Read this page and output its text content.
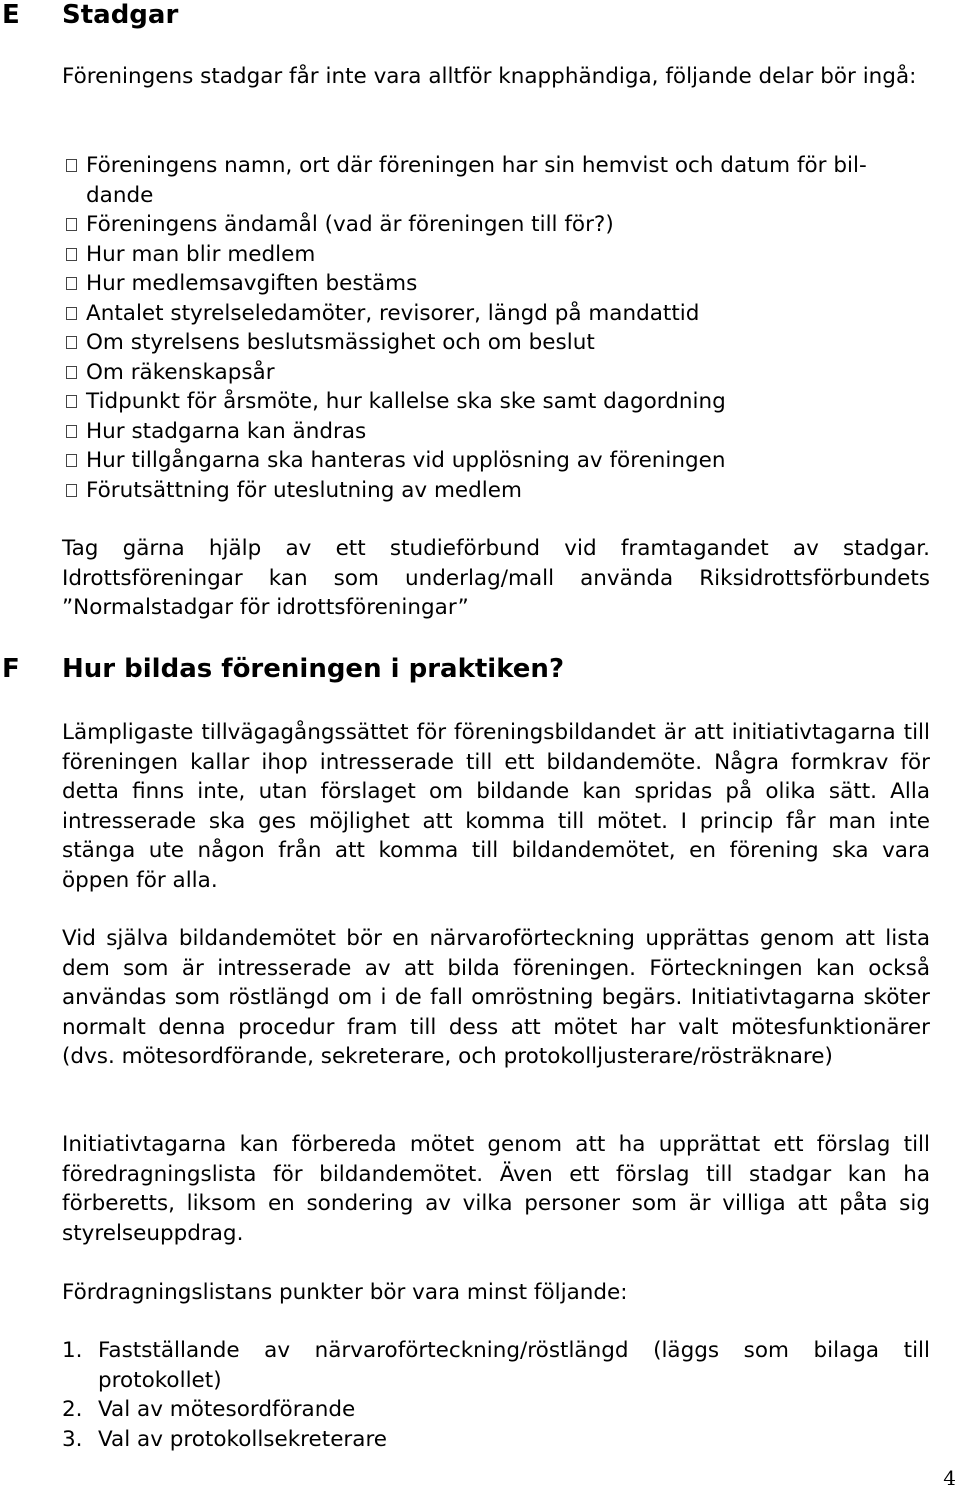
E Stadgar
Föreningens stadgar får inte vara alltför knapphändiga, följande delar bör ingå:
Föreningens namn, ort där föreningen har sin hemvist och datum för bil-dande
Föreningens ändamål (vad är föreningen till för?)
Hur man blir medlem
Hur medlemsavgiften bestäms
Antalet styrelseledamöter, revisorer, längd på mandattid
Om styrelsens beslutsmässighet och om beslut
Om räkenskapsår
Tidpunkt för årsmöte, hur kallelse ska ske samt dagordning
Hur stadgarna kan ändras
Hur tillgångarna ska hanteras vid upplösning av föreningen
Förutsättning för uteslutning av medlem
Tag gärna hjälp av ett studieförbund vid framtagandet av stadgar. Idrottsföreningar kan som underlag/mall använda Riksidrottsförbundets ”Normalstadgar för idrottsföreningar”
F Hur bildas föreningen i praktiken?
Lämpligaste tillvägagångssättet för föreningsbildandet är att initiativtagarna till föreningen kallar ihop intresserade till ett bildandemöte. Några formkrav för detta finns inte, utan förslaget om bildande kan spridas på olika sätt. Alla intresserade ska ges möjlighet att komma till mötet. I princip får man inte stänga ute någon från att komma till bildandemötet, en förening ska vara öppen för alla.
Vid själva bildandemötet bör en närvaroförteckning upprättas genom att lista dem som är intresserade av att bilda föreningen. Förteckningen kan också användas som röstlängd om i de fall omröstning begärs. Initiativtagarna sköter normalt denna procedur fram till dess att mötet har valt mötesfunktionärer (dvs. mötesordförande, sekreterare, och protokolljusterare/rösträknare)
Initiativtagarna kan förbereda mötet genom att ha upprättat ett förslag till föredragningslista för bildandemötet. Även ett förslag till stadgar kan ha förberetts, liksom en sondering av vilka personer som är villiga att påta sig styrelseuppdrag.
Fördragningslistans punkter bör vara minst följande:
1. Fastställande av närvaroförteckning/röstlängd (läggs som bilaga till protokollet)
2. Val av mötesordförande
3. Val av protokollsekreterare
4
